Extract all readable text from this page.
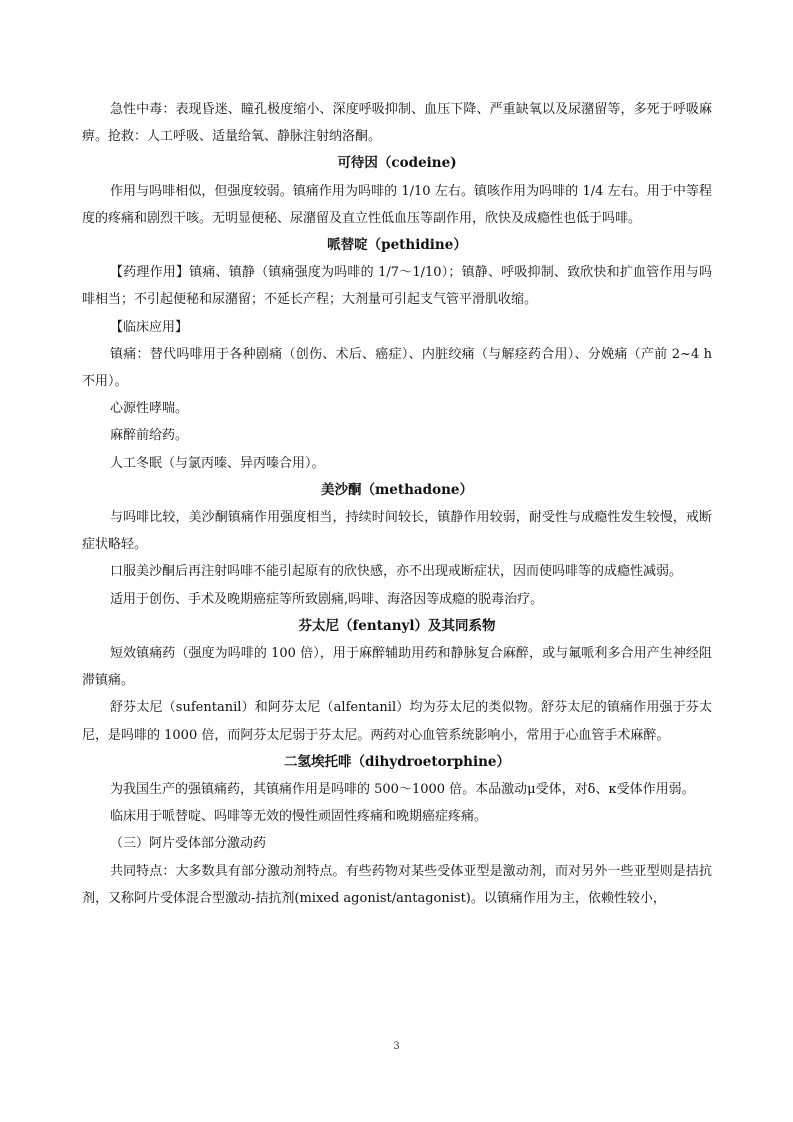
急性中毒：表现昏迷、瞳孔极度缩小、深度呼吸抑制、血压下降、严重缺氧以及尿潴留等，多死于呼吸麻痹。抢救：人工呼吸、适量给氧、静脉注射纳洛酮。

可待因（codeine)

作用与吗啡相似，但强度较弱。镇痛作用为吗啡的 1/10 左右。镇咳作用为吗啡的 1/4 左右。用于中等程度的疼痛和剧烈干咳。无明显便秘、尿潴留及直立性低血压等副作用，欣快及成瘾性也低于吗啡。

哌替啶（pethidine）

【药理作用】镇痛、镇静（镇痛强度为吗啡的 1/7～1/10）；镇静、呼吸抑制、致欣快和扩血管作用与吗啡相当；不引起便秘和尿潴留；不延长产程；大剂量可引起支气管平滑肌收缩。

【临床应用】

镇痛：替代吗啡用于各种剧痛（创伤、术后、癌症）、内脏绞痛（与解痉药合用）、分娩痛（产前 2~4 h 不用）。

心源性哮喘。

麻醉前给药。

人工冬眠（与氯丙嗪、异丙嗪合用）。

美沙酮（methadone）

与吗啡比较，美沙酮镇痛作用强度相当，持续时间较长，镇静作用较弱，耐受性与成瘾性发生较慢，戒断症状略轻。

口服美沙酮后再注射吗啡不能引起原有的欣快感，亦不出现戒断症状，因而使吗啡等的成瘾性减弱。

适用于创伤、手术及晚期癌症等所致剧痛,吗啡、海洛因等成瘾的脱毒治疗。

芬太尼（fentanyl）及其同系物

短效镇痛药（强度为吗啡的 100 倍），用于麻醉辅助用药和静脉复合麻醉，或与氟哌利多合用产生神经阻滞镇痛。

舒芬太尼（sufentanil）和阿芬太尼（alfentanil）均为芬太尼的类似物。舒芬太尼的镇痛作用强于芬太尼，是吗啡的 1000 倍，而阿芬太尼弱于芬太尼。两药对心血管系统影响小，常用于心血管手术麻醉。

二氢埃托啡（dihydroetorphine）

为我国生产的强镇痛药，其镇痛作用是吗啡的 500～1000 倍。本品激动μ受体，对δ、κ受体作用弱。

临床用于哌替啶、吗啡等无效的慢性顽固性疼痛和晚期癌症疼痛。

（三）阿片受体部分激动药

共同特点：大多数具有部分激动剂特点。有些药物对某些受体亚型是激动剂，而对另外一些亚型则是拮抗剂，又称阿片受体混合型激动-拮抗剂(mixed agonist/antagonist)。以镇痛作用为主，依赖性较小，

3
